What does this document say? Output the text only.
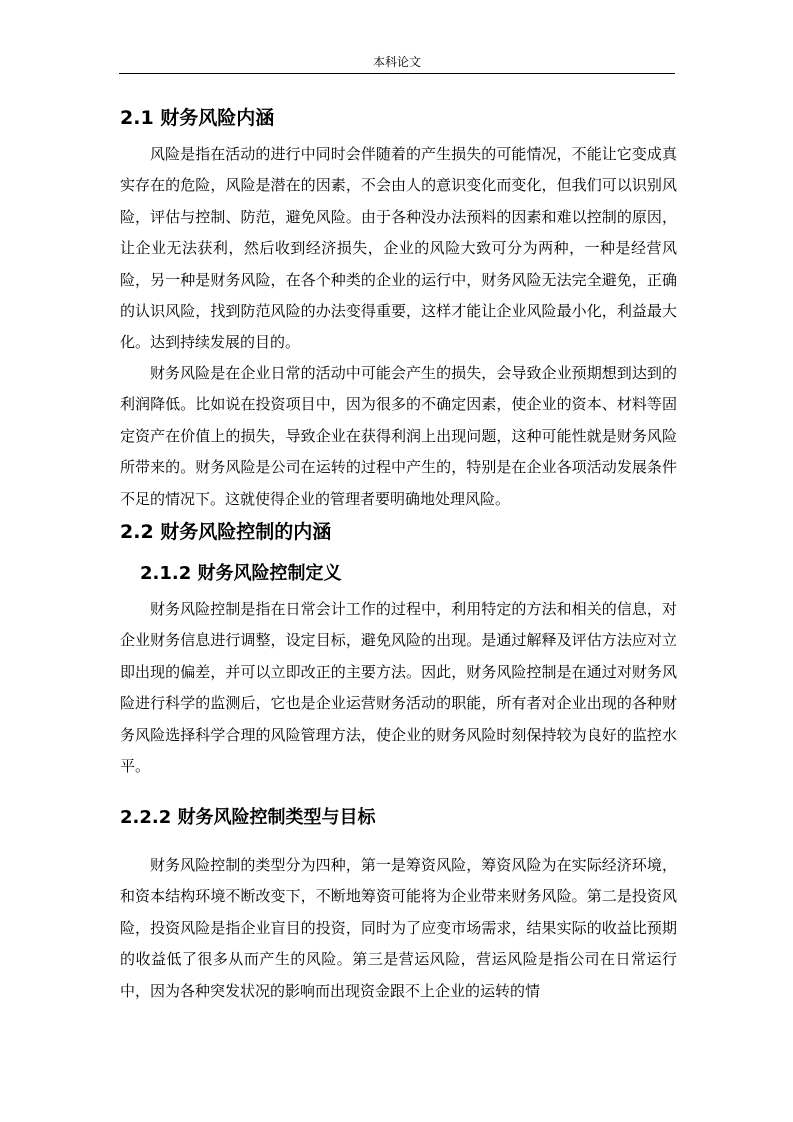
本科论文
2.1 财务风险内涵

风险是指在活动的进行中同时会伴随着的产生损失的可能情况，不能让它变成真实存在的危险，风险是潜在的因素，不会由人的意识变化而变化，但我们可以识别风险，评估与控制、防范，避免风险。由于各种没办法预料的因素和难以控制的原因，让企业无法获利，然后收到经济损失，企业的风险大致可分为两种，一种是经营风险，另一种是财务风险，在各个种类的企业的运行中，财务风险无法完全避免，正确的认识风险，找到防范风险的办法变得重要，这样才能让企业风险最小化，利益最大化。达到持续发展的目的。

财务风险是在企业日常的活动中可能会产生的损失，会导致企业预期想到达到的利润降低。比如说在投资项目中，因为很多的不确定因素，使企业的资本、材料等固定资产在价值上的损失，导致企业在获得利润上出现问题，这种可能性就是财务风险所带来的。财务风险是公司在运转的过程中产生的，特别是在企业各项活动发展条件不足的情况下。这就使得企业的管理者要明确地处理风险。

2.2 财务风险控制的内涵
2.1.2 财务风险控制定义

财务风险控制是指在日常会计工作的过程中，利用特定的方法和相关的信息，对企业财务信息进行调整，设定目标，避免风险的出现。是通过解释及评估方法应对立即出现的偏差，并可以立即改正的主要方法。因此，财务风险控制是在通过对财务风险进行科学的监测后，它也是企业运营财务活动的职能，所有者对企业出现的各种财务风险选择科学合理的风险管理方法，使企业的财务风险时刻保持较为良好的监控水平。

2.2.2 财务风险控制类型与目标

财务风险控制的类型分为四种，第一是筹资风险，筹资风险为在实际经济环境，和资本结构环境不断改变下，不断地筹资可能将为企业带来财务风险。第二是投资风险，投资风险是指企业盲目的投资，同时为了应变市场需求，结果实际的收益比预期的收益低了很多从而产生的风险。第三是营运风险，营运风险是指公司在日常运行中，因为各种突发状况的影响而出现资金跟不上企业的运转的情
